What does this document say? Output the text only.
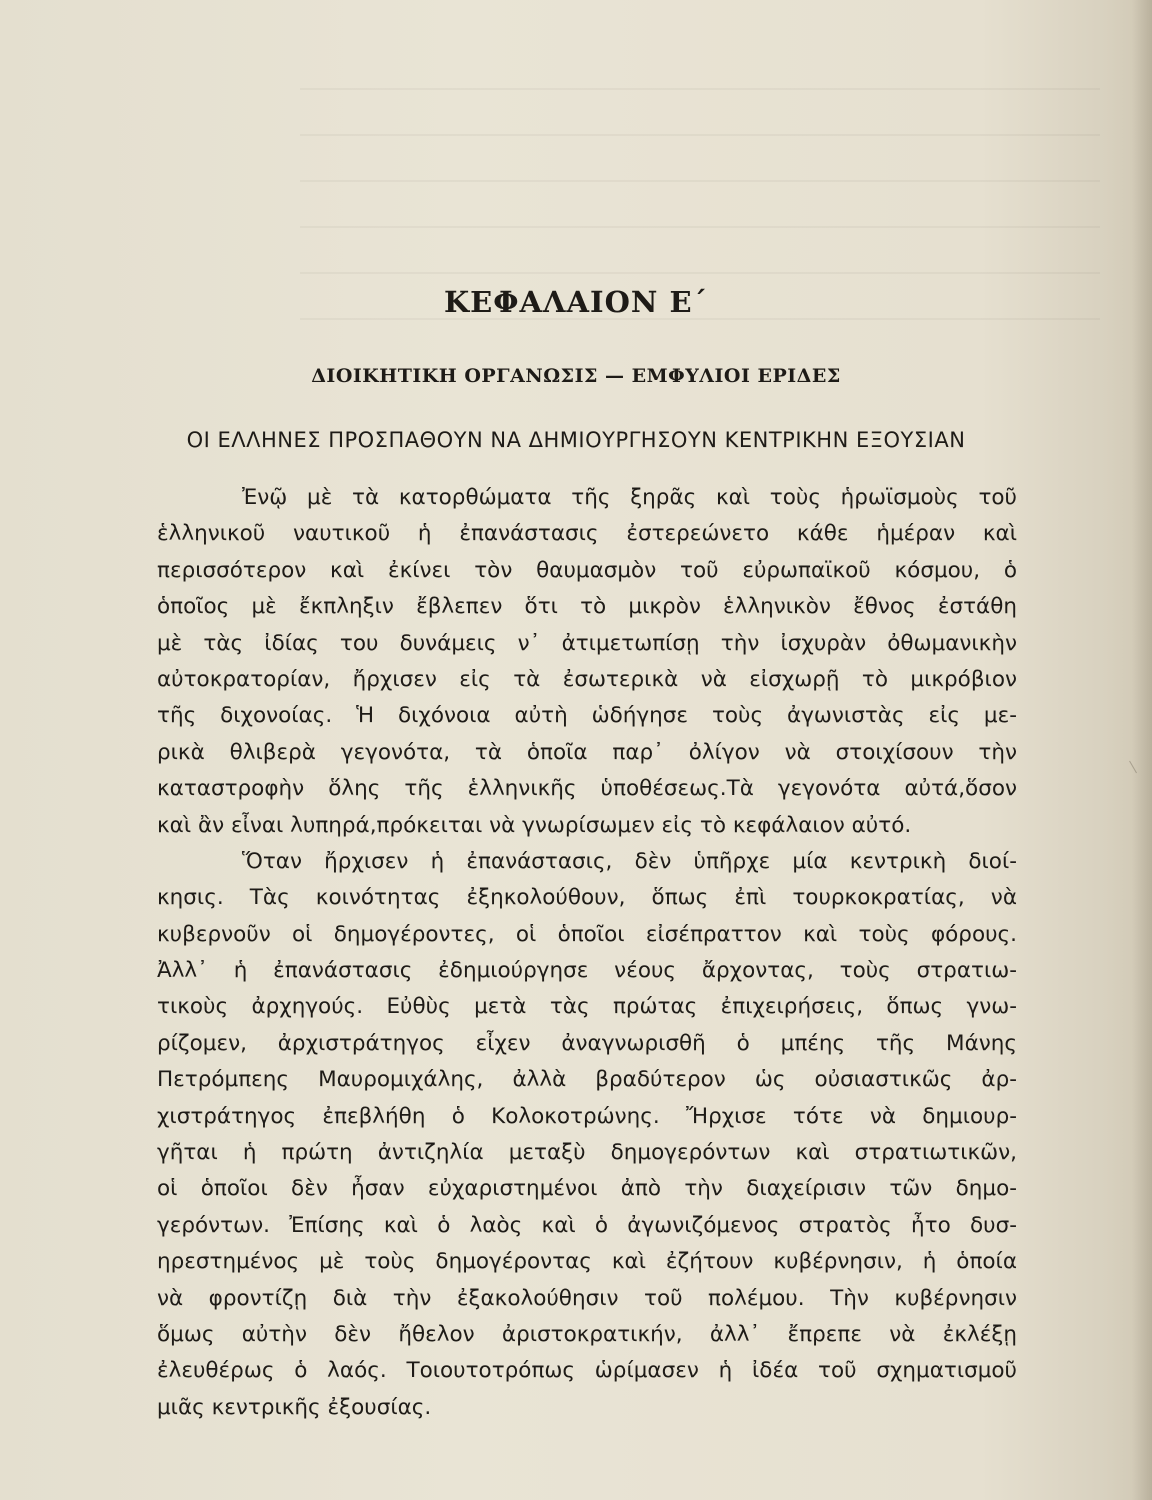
ΚΕΦΑΛΑΙΟΝ Ε΄
ΔΙΟΙΚΗΤΙΚΗ ΟΡΓΑΝΩΣΙΣ — ΕΜΦΥΛΙΟΙ ΕΡΙΔΕΣ
ΟΙ ΕΛΛΗΝΕΣ ΠΡΟΣΠΑΘΟΥΝ ΝΑ ΔΗΜΙΟΥΡΓΗΣΟΥΝ ΚΕΝΤΡΙΚΗΝ ΕΞΟΥΣΙΑΝ
Ἐνῷ μὲ τὰ κατορθώματα τῆς ξηρᾶς καὶ τοὺς ἡρωϊσμοὺς τοῦ
ἑλληνικοῦ ναυτικοῦ ἡ ἐπανάστασις ἐστερεώνετο κάθε ἡμέραν καὶ
περισσότερον καὶ ἐκίνει τὸν θαυμασμὸν τοῦ εὐρωπαϊκοῦ κόσμου, ὁ
ὁποῖος μὲ ἔκπληξιν ἔβλεπεν ὅτι τὸ μικρὸν ἑλληνικὸν ἔθνος ἐστάθη
μὲ τὰς ἰδίας του δυνάμεις ν᾽ ἀτιμετωπίσῃ τὴν ἰσχυρὰν ὀθωμανικὴν
αὐτοκρατορίαν, ἤρχισεν εἰς τὰ ἐσωτερικὰ νὰ εἰσχωρῇ τὸ μικρόβιον
τῆς διχονοίας. Ἡ διχόνοια αὐτὴ ὡδήγησε τοὺς ἀγωνιστὰς εἰς με-
ρικὰ θλιβερὰ γεγονότα, τὰ ὁποῖα παρ᾽ ὀλίγον νὰ στοιχίσουν τὴν
καταστροφὴν ὅλης τῆς ἑλληνικῆς ὑποθέσεως.Τὰ γεγονότα αὐτά,ὅσον
καὶ ἂν εἶναι λυπηρά,πρόκειται νὰ γνωρίσωμεν εἰς τὸ κεφάλαιον αὐτό.
Ὅταν ἤρχισεν ἡ ἐπανάστασις, δὲν ὑπῆρχε μία κεντρικὴ διοί-
κησις. Τὰς κοινότητας ἐξηκολούθουν, ὅπως ἐπὶ τουρκοκρατίας, νὰ
κυβερνοῦν οἱ δημογέροντες, οἱ ὁποῖοι εἰσέπραττον καὶ τοὺς φόρους.
Ἀλλ᾽ ἡ ἐπανάστασις ἐδημιούργησε νέους ἄρχοντας, τοὺς στρατιω-
τικοὺς ἀρχηγούς. Εὐθὺς μετὰ τὰς πρώτας ἐπιχειρήσεις, ὅπως γνω-
ρίζομεν, ἀρχιστράτηγος εἶχεν ἀναγνωρισθῆ ὁ μπέης τῆς Μάνης
Πετρόμπεης Μαυρομιχάλης, ἀλλὰ βραδύτερον ὡς οὐσιαστικῶς ἀρ-
χιστράτηγος ἐπεβλήθη ὁ Κολοκοτρώνης. Ἤρχισε τότε νὰ δημιουρ-
γῆται ἡ πρώτη ἀντιζηλία μεταξὺ δημογερόντων καὶ στρατιωτικῶν,
οἱ ὁποῖοι δὲν ἦσαν εὐχαριστημένοι ἀπὸ τὴν διαχείρισιν τῶν δημο-
γερόντων. Ἐπίσης καὶ ὁ λαὸς καὶ ὁ ἀγωνιζόμενος στρατὸς ἦτο δυσ-
ηρεστημένος μὲ τοὺς δημογέροντας καὶ ἐζήτουν κυβέρνησιν, ἡ ὁποία
νὰ φροντίζῃ διὰ τὴν ἐξακολούθησιν τοῦ πολέμου. Τὴν κυβέρνησιν
ὅμως αὐτὴν δὲν ἤθελον ἀριστοκρατικήν, ἀλλ᾽ ἔπρεπε νὰ ἐκλέξῃ
ἐλευθέρως ὁ λαός. Τοιουτοτρόπως ὡρίμασεν ἡ ἰδέα τοῦ σχηματισμοῦ
μιᾶς κεντρικῆς ἐξουσίας.
